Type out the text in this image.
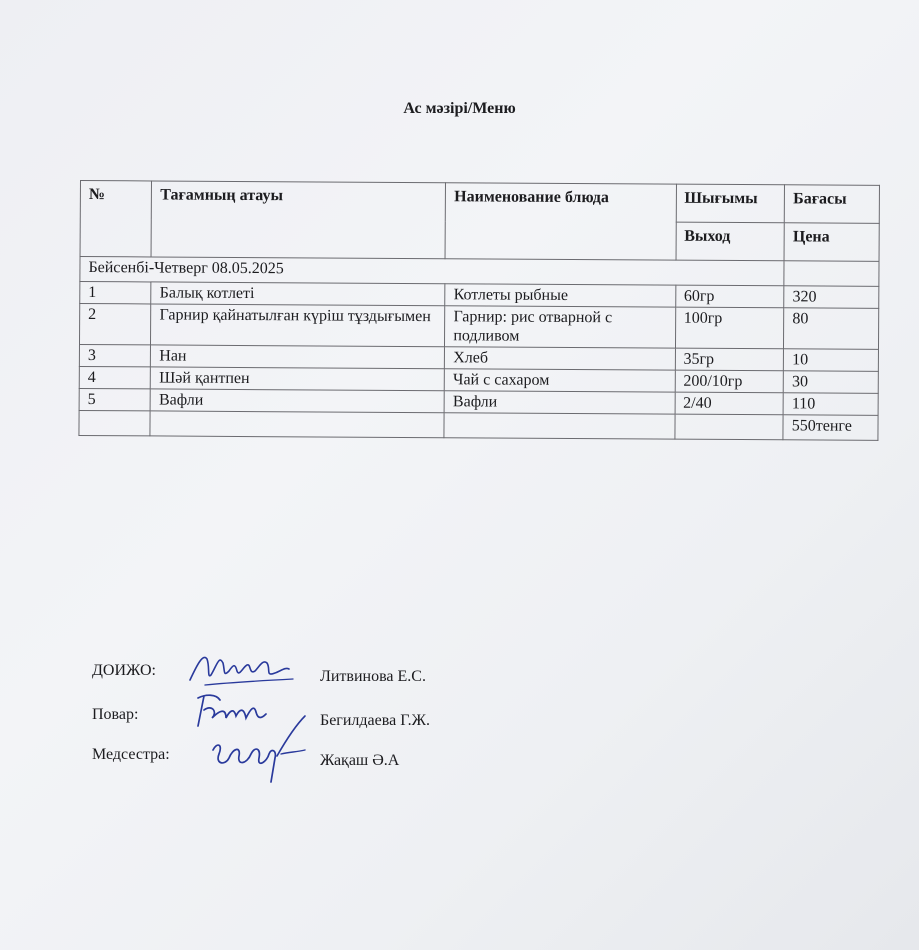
Ас мәзірі/Меню
№	Тағамның атауы	Наименование блюда	Шығымы	Бағасы
			Выход	Цена
Бейсенбі-Четверг 08.05.2025				
1	Балық котлеті	Котлеты рыбные	60гр	320
2	Гарнир қайнатылған күріш тұздығымен	Гарнир: рис отварной с подливом	100гр	80
3	Нан	Хлеб	35гр	10
4	Шәй қантпен	Чай с сахаром	200/10гр	30
5	Вафли	Вафли	2/40	110
				550тенге
ДОИЖО:	Литвинова Е.С.
Повар:	Бегилдаева Г.Ж.
Медсестра:	Жақаш Ә.А
